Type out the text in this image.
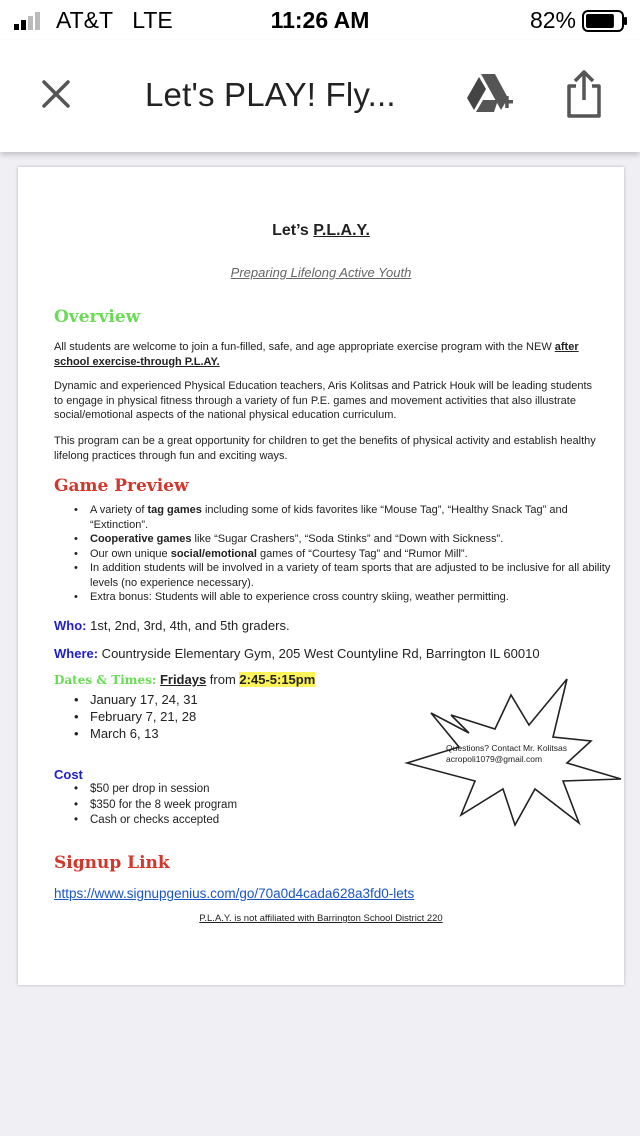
AT&T LTE	11:26 AM	82%
Let's PLAY! Fly...
Let’s P.L.A.Y.
Preparing Lifelong Active Youth
Overview
All students are welcome to join a fun-filled, safe, and age appropriate exercise program with the NEW after school exercise-through P.L.AY.
Dynamic and experienced Physical Education teachers, Aris Kolitsas and Patrick Houk will be leading students to engage in physical fitness through a variety of fun P.E. games and movement activities that also illustrate social/emotional aspects of the national physical education curriculum.
This program can be a great opportunity for children to get the benefits of physical activity and establish healthy lifelong practices through fun and exciting ways.
Game Preview
• A variety of tag games including some of kids favorites like “Mouse Tag”, “Healthy Snack Tag” and “Extinction”.
• Cooperative games like “Sugar Crashers”, “Soda Stinks” and “Down with Sickness”.
• Our own unique social/emotional games of “Courtesy Tag” and “Rumor Mill”.
• In addition students will be involved in a variety of team sports that are adjusted to be inclusive for all ability levels (no experience necessary).
• Extra bonus: Students will able to experience cross country skiing, weather permitting.
Who: 1st, 2nd, 3rd, 4th, and 5th graders.
Where: Countryside Elementary Gym, 205 West Countyline Rd, Barrington IL 60010
Dates & Times: Fridays from 2:45-5:15pm
• January 17, 24, 31
• February 7, 21, 28
• March 6, 13
Cost
• $50 per drop in session
• $350 for the 8 week program
• Cash or checks accepted
Questions? Contact Mr. Kolitsas
acropoli1079@gmail.com
Signup Link
https://www.signupgenius.com/go/70a0d4cada628a3fd0-lets
P.L.A.Y. is not affiliated with Barrington School District 220
